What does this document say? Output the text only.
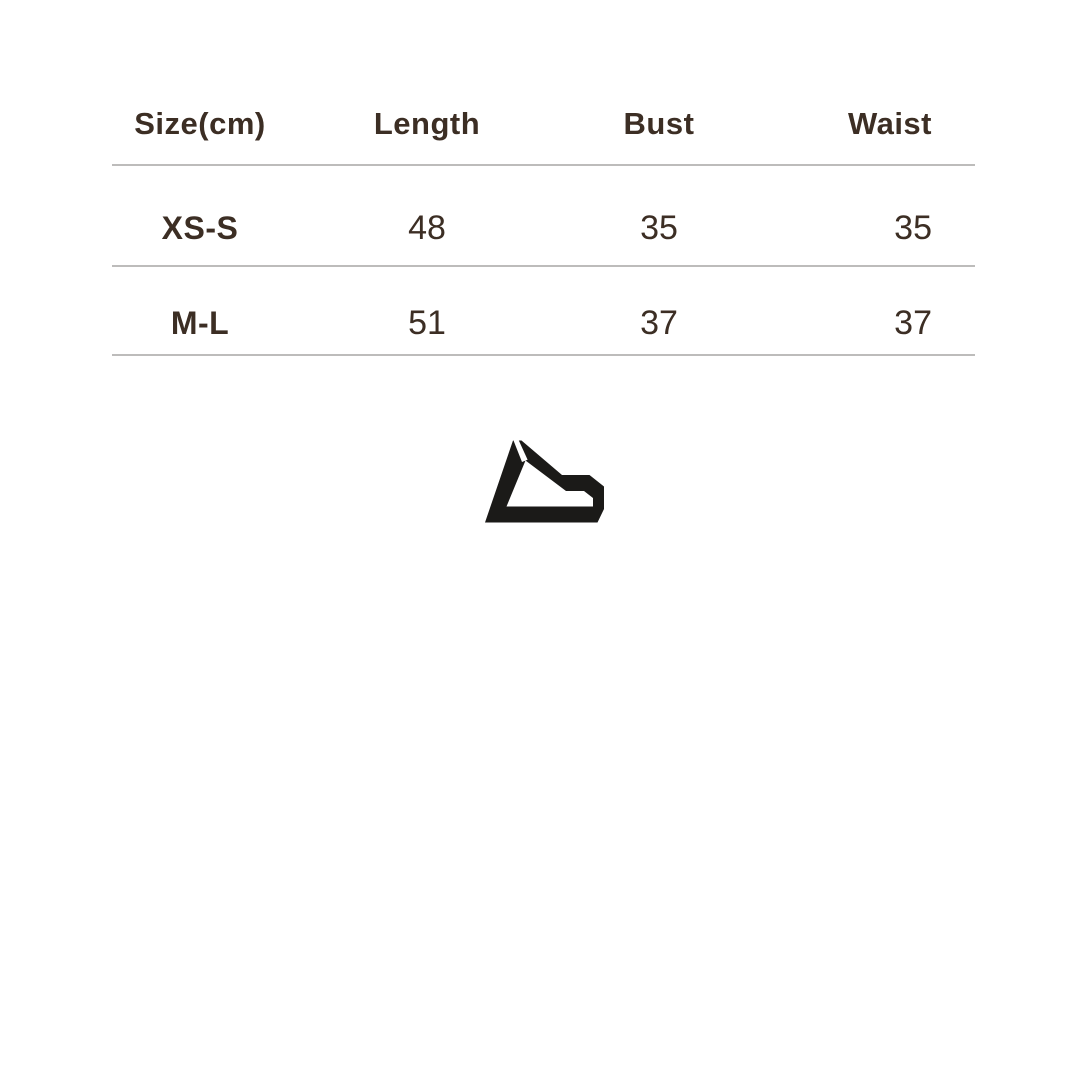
Size(cm)	Length	Bust	Waist
XS-S	48	35	35
M-L	51	37	37
